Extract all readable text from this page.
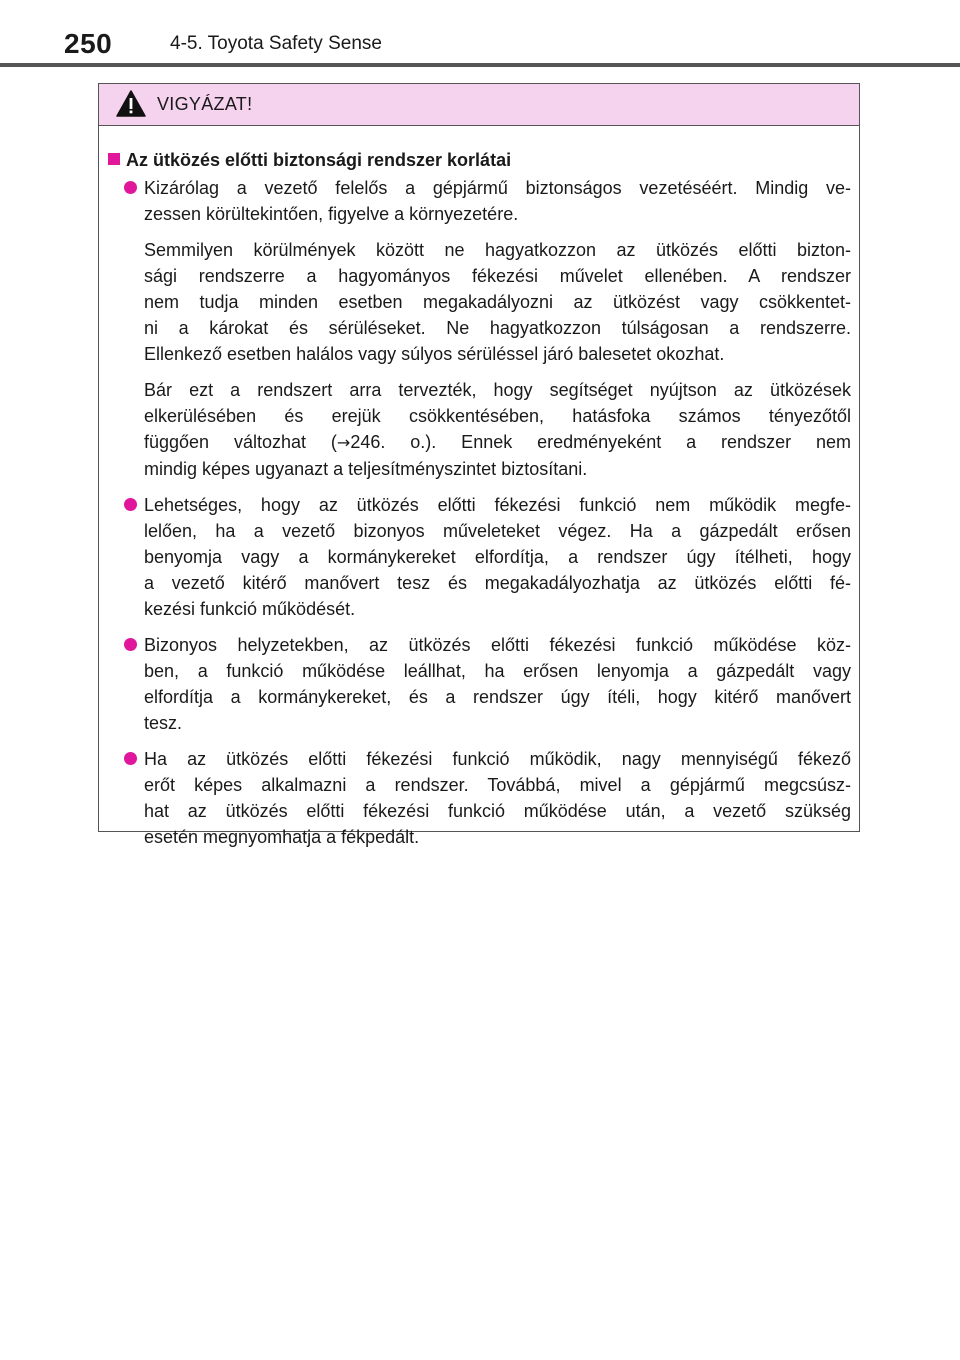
250	4-5. Toyota Safety Sense
VIGYÁZAT!
Az ütközés előtti biztonsági rendszer korlátai
Kizárólag a vezető felelős a gépjármű biztonságos vezetéséért. Mindig ve-
zessen körültekintően, figyelve a környezetére.
Semmilyen körülmények között ne hagyatkozzon az ütközés előtti bizton-
sági rendszerre a hagyományos fékezési művelet ellenében. A rendszer
nem tudja minden esetben megakadályozni az ütközést vagy csökkentet-
ni a károkat és sérüléseket. Ne hagyatkozzon túlságosan a rendszerre.
Ellenkező esetben halálos vagy súlyos sérüléssel járó balesetet okozhat.
Bár ezt a rendszert arra tervezték, hogy segítséget nyújtson az ütközések
elkerülésében és erejük csökkentésében, hatásfoka számos tényezőtől
függően változhat (→246. o.). Ennek eredményeként a rendszer nem
mindig képes ugyanazt a teljesítményszintet biztosítani.
Lehetséges, hogy az ütközés előtti fékezési funkció nem működik megfe-
lelően, ha a vezető bizonyos műveleteket végez. Ha a gázpedált erősen
benyomja vagy a kormánykereket elfordítja, a rendszer úgy ítélheti, hogy
a vezető kitérő manővert tesz és megakadályozhatja az ütközés előtti fé-
kezési funkció működését.
Bizonyos helyzetekben, az ütközés előtti fékezési funkció működése köz-
ben, a funkció működése leállhat, ha erősen lenyomja a gázpedált vagy
elfordítja a kormánykereket, és a rendszer úgy ítéli, hogy kitérő manővert
tesz.
Ha az ütközés előtti fékezési funkció működik, nagy mennyiségű fékező
erőt képes alkalmazni a rendszer. Továbbá, mivel a gépjármű megcsúsz-
hat az ütközés előtti fékezési funkció működése után, a vezető szükség
esetén megnyomhatja a fékpedált.
